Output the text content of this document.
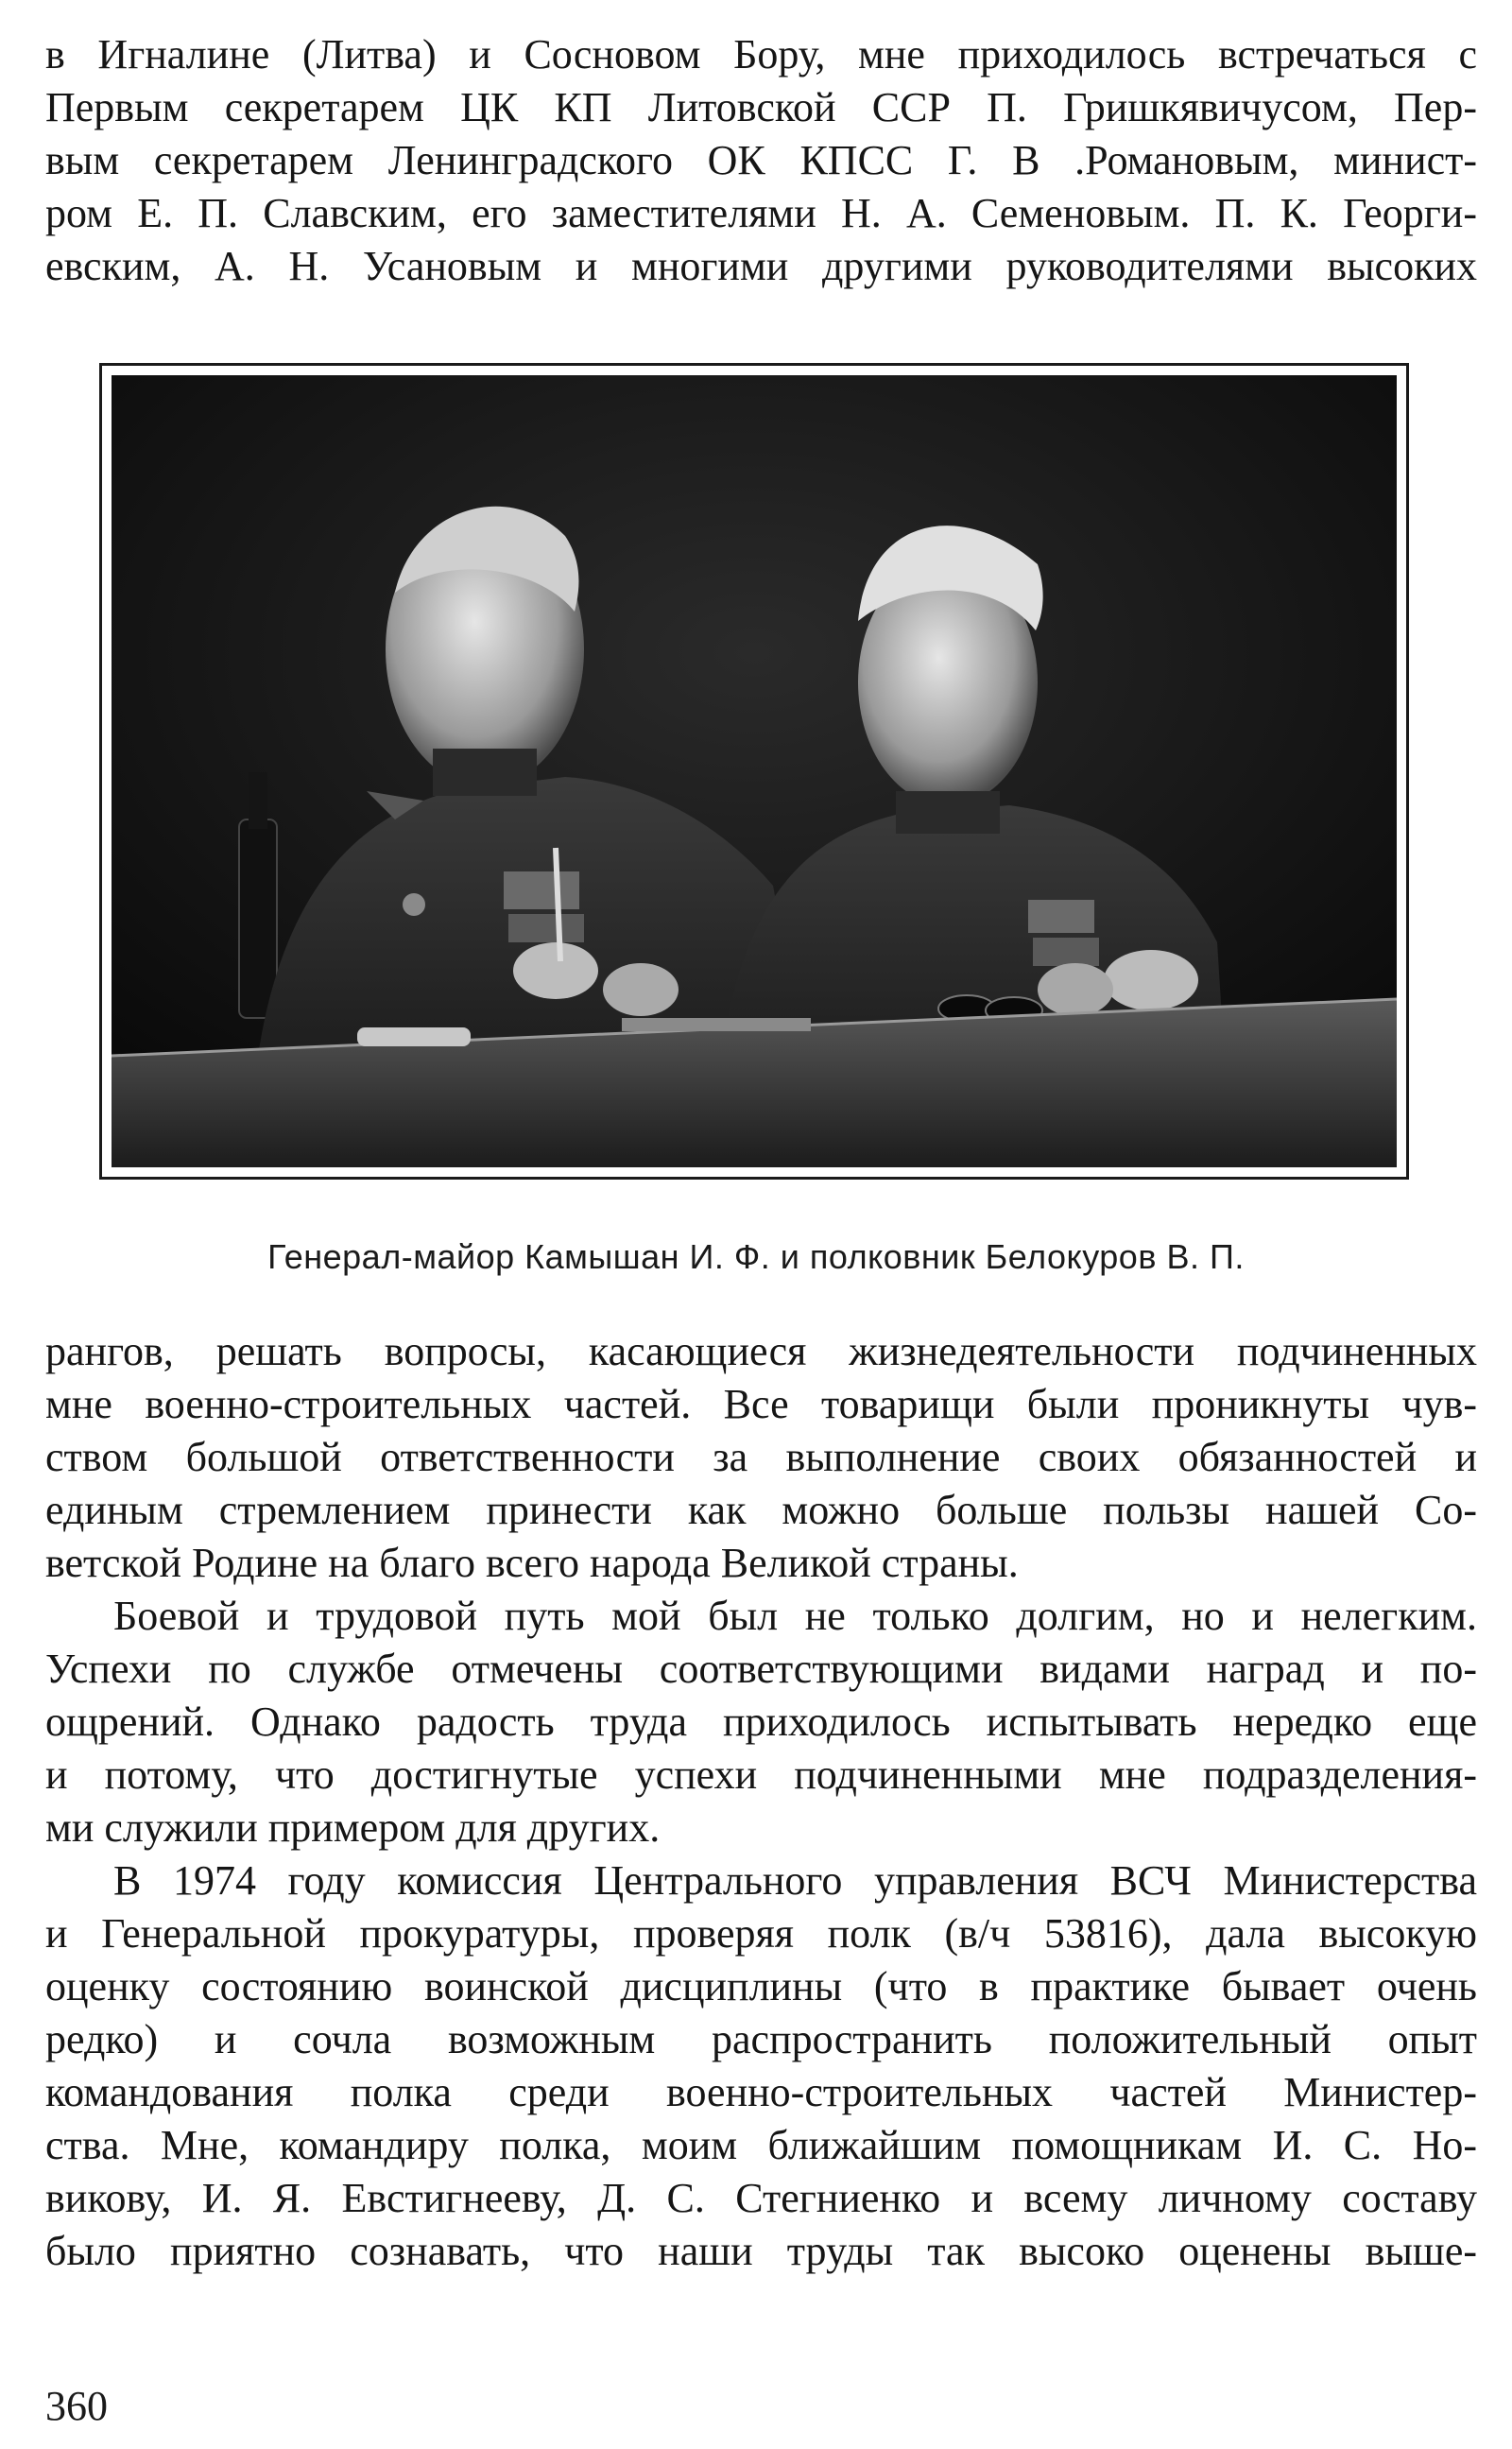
в Игналине (Литва) и Сосновом Бору, мне приходилось встречаться с
Первым секретарем ЦК КП Литовской ССР П. Гришкявичусом, Пер-
вым секретарем Ленинградского ОК КПСС Г. В .Романовым, минист-
ром Е. П. Славским, его заместителями Н. А. Семеновым. П. К. Георги-
евским, А. Н. Усановым и многими другими руководителями высоких
Генерал-майор Камышан И. Ф. и полковник Белокуров В. П.

рангов, решать вопросы, касающиеся жизнедеятельности подчиненных
мне военно-строительных частей. Все товарищи были проникнуты чув-
ством большой ответственности за выполнение своих обязанностей и
единым стремлением принести как можно больше пользы нашей Со-
ветской Родине на благо всего народа Великой страны.

Боевой и трудовой путь мой был не только долгим, но и нелегким.
Успехи по службе отмечены соответствующими видами наград и по-
ощрений. Однако радость труда приходилось испытывать нередко еще
и потому, что достигнутые успехи подчиненными мне подразделения-
ми служили примером для других.

В 1974 году комиссия Центрального управления ВСЧ Министерства
и Генеральной прокуратуры, проверяя полк (в/ч 53816), дала высокую
оценку состоянию воинской дисциплины (что в практике бывает очень
редко) и сочла возможным распространить положительный опыт
командования полка среди военно-строительных частей Министер-
ства. Мне, командиру полка, моим ближайшим помощникам И. С. Но-
викову, И. Я. Евстигнееву, Д. С. Стегниенко и всему личному составу
было приятно сознавать, что наши труды так высоко оценены выше-

360
